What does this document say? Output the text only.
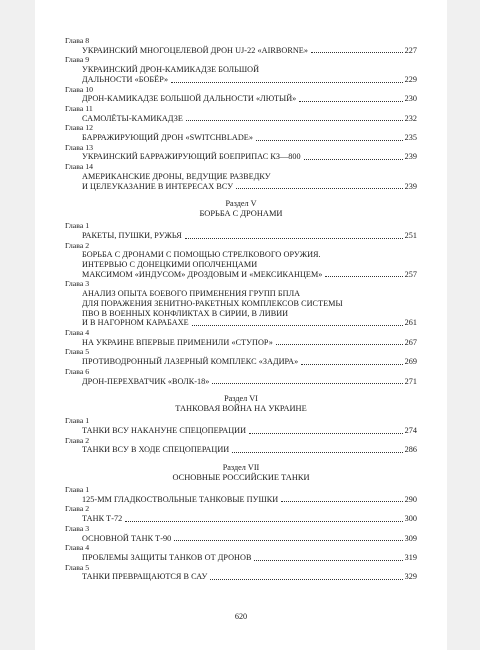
Глава 8
УКРАИНСКИЙ МНОГОЦЕЛЕВОЙ ДРОН UJ-22 «AIRBORNE»	227
Глава 9
УКРАИНСКИЙ ДРОН-КАМИКАДЗЕ БОЛЬШОЙ
ДАЛЬНОСТИ «БОБЁР»	229
Глава 10
ДРОН-КАМИКАДЗЕ БОЛЬШОЙ ДАЛЬНОСТИ «ЛЮТЫЙ»	230
Глава 11
САМОЛЁТЫ-КАМИКАДЗЕ	232
Глава 12
БАРРАЖИРУЮЩИЙ ДРОН «SWITCHBLADE»	235
Глава 13
УКРАИНСКИЙ БАРРАЖИРУЮЩИЙ БОЕПРИПАС КЗ—800	239
Глава 14
АМЕРИКАНСКИЕ ДРОНЫ, ВЕДУЩИЕ РАЗВЕДКУ
И ЦЕЛЕУКАЗАНИЕ В ИНТЕРЕСАХ ВСУ	239
Раздел V
БОРЬБА С ДРОНАМИ
Глава 1
РАКЕТЫ, ПУШКИ, РУЖЬЯ	251
Глава 2
БОРЬБА С ДРОНАМИ С ПОМОЩЬЮ СТРЕЛКОВОГО ОРУЖИЯ.
ИНТЕРВЬЮ С ДОНЕЦКИМИ ОПОЛЧЕНЦАМИ
МАКСИМОМ «ИНДУСОМ» ДРОЗДОВЫМ И «МЕКСИКАНЦЕМ»	257
Глава 3
АНАЛИЗ ОПЫТА БОЕВОГО ПРИМЕНЕНИЯ ГРУПП БПЛА
ДЛЯ ПОРАЖЕНИЯ ЗЕНИТНО-РАКЕТНЫХ КОМПЛЕКСОВ СИСТЕМЫ
ПВО В ВОЕННЫХ КОНФЛИКТАХ В СИРИИ, В ЛИВИИ
И В НАГОРНОМ КАРАБАХЕ	261
Глава 4
НА УКРАИНЕ ВПЕРВЫЕ ПРИМЕНИЛИ «СТУПОР»	267
Глава 5
ПРОТИВОДРОННЫЙ ЛАЗЕРНЫЙ КОМПЛЕКС «ЗАДИРА»	269
Глава 6
ДРОН-ПЕРЕХВАТЧИК «ВОЛК-18»	271
Раздел VI
ТАНКОВАЯ ВОЙНА НА УКРАИНЕ
Глава 1
ТАНКИ ВСУ НАКАНУНЕ СПЕЦОПЕРАЦИИ	274
Глава 2
ТАНКИ ВСУ В ХОДЕ СПЕЦОПЕРАЦИИ	286
Раздел VII
ОСНОВНЫЕ РОССИЙСКИЕ ТАНКИ
Глава 1
125-ММ ГЛАДКОСТВОЛЬНЫЕ ТАНКОВЫЕ ПУШКИ	290
Глава 2
ТАНК Т-72	300
Глава 3
ОСНОВНОЙ ТАНК Т-90	309
Глава 4
ПРОБЛЕМЫ ЗАЩИТЫ ТАНКОВ ОТ ДРОНОВ	319
Глава 5
ТАНКИ ПРЕВРАЩАЮТСЯ В САУ	329
620
